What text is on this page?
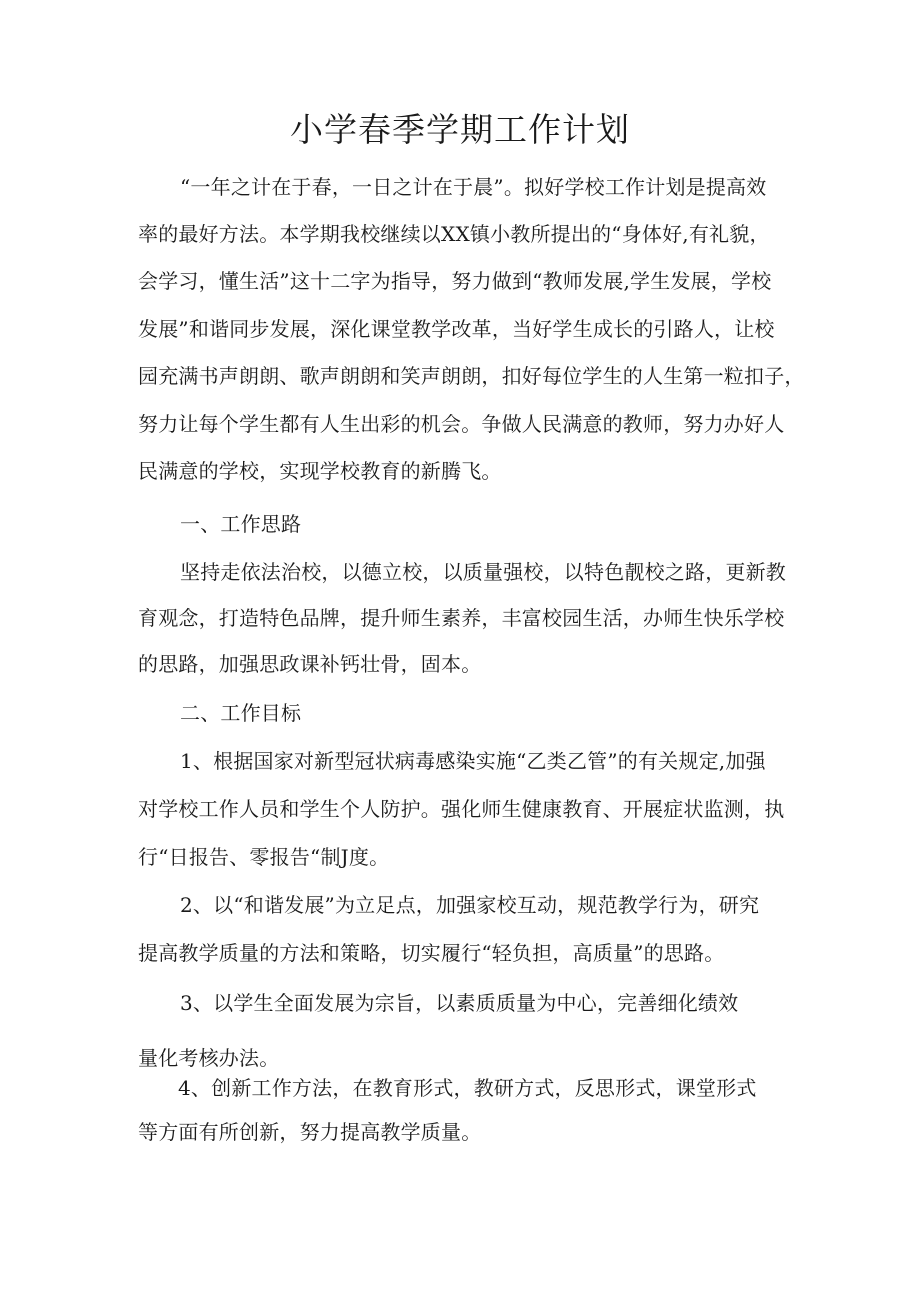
小学春季学期工作计划
“一年之计在于春，一日之计在于晨”。拟好学校工作计划是提高效
率的最好方法。本学期我校继续以XX镇小教所提出的“身体好,有礼貌，
会学习，懂生活”这十二字为指导，努力做到“教师发展,学生发展，学校
发展”和谐同步发展，深化课堂教学改革，当好学生成长的引路人，让校
园充满书声朗朗、歌声朗朗和笑声朗朗，扣好每位学生的人生第一粒扣子，
努力让每个学生都有人生出彩的机会。争做人民满意的教师，努力办好人
民满意的学校，实现学校教育的新腾飞。
一、工作思路
坚持走依法治校，以德立校，以质量强校，以特色靓校之路，更新教
育观念，打造特色品牌，提升师生素养，丰富校园生活，办师生快乐学校
的思路，加强思政课补钙壮骨，固本。
二、工作目标
1、根据国家对新型冠状病毒感染实施“乙类乙管”的有关规定,加强
对学校工作人员和学生个人防护。强化师生健康教育、开展症状监测，执
行“日报告、零报告“制J度。
2、以“和谐发展”为立足点，加强家校互动，规范教学行为，研究
提高教学质量的方法和策略，切实履行“轻负担，高质量”的思路。
3、以学生全面发展为宗旨，以素质质量为中心，完善细化绩效
量化考核办法。
4、创新工作方法，在教育形式，教研方式，反思形式，课堂形式
等方面有所创新，努力提高教学质量。
